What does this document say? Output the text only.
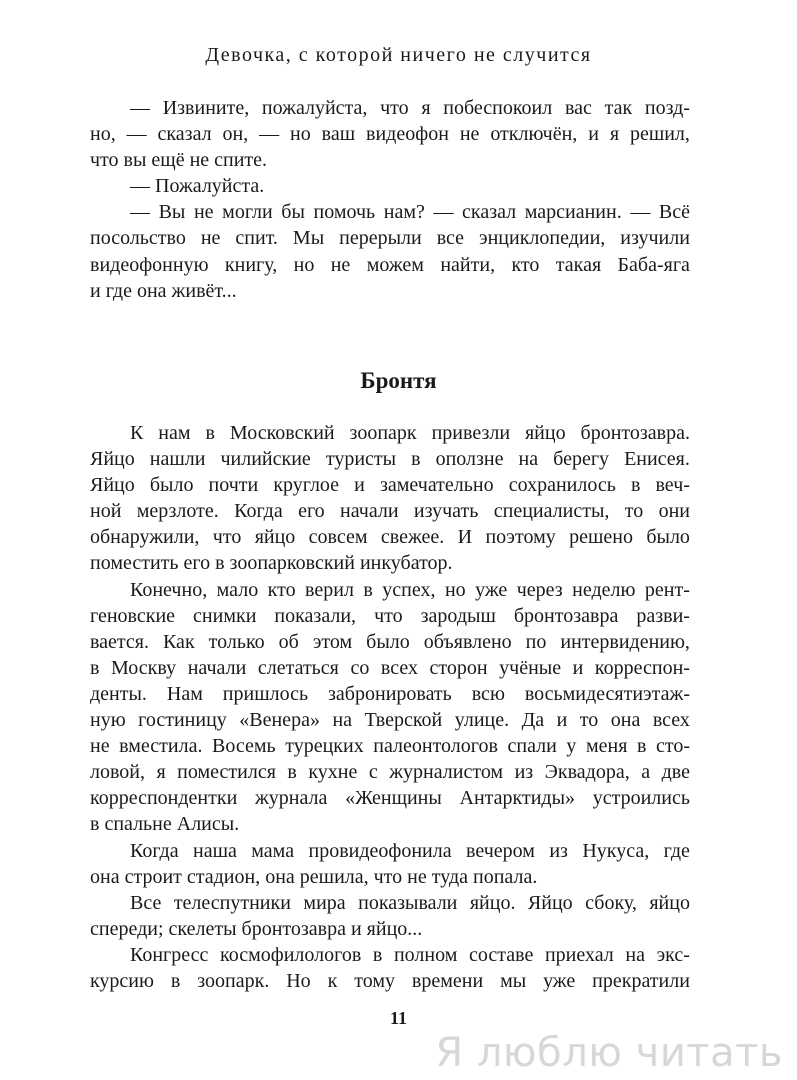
Девочка, с которой ничего не случится
— Извините, пожалуйста, что я побеспокоил вас так позд-
но, — сказал он, — но ваш видеофон не отключён, и я решил,
что вы ещё не спите.
— Пожалуйста.
— Вы не могли бы помочь нам? — сказал марсианин. — Всё
посольство не спит. Мы перерыли все энциклопедии, изучили
видеофонную книгу, но не можем найти, кто такая Баба-яга
и где она живёт...
Бронтя
К нам в Московский зоопарк привезли яйцо бронтозавра.
Яйцо нашли чилийские туристы в оползне на берегу Енисея.
Яйцо было почти круглое и замечательно сохранилось в веч-
ной мерзлоте. Когда его начали изучать специалисты, то они
обнаружили, что яйцо совсем свежее. И поэтому решено было
поместить его в зоопарковский инкубатор.
Конечно, мало кто верил в успех, но уже через неделю рент-
геновские снимки показали, что зародыш бронтозавра разви-
вается. Как только об этом было объявлено по интервидению,
в Москву начали слетаться со всех сторон учёные и корреспон-
денты. Нам пришлось забронировать всю восьмидесятиэтаж-
ную гостиницу «Венера» на Тверской улице. Да и то она всех
не вместила. Восемь турецких палеонтологов спали у меня в сто-
ловой, я поместился в кухне с журналистом из Эквадора, а две
корреспондентки журнала «Женщины Антарктиды» устроились
в спальне Алисы.
Когда наша мама провидеофонила вечером из Нукуса, где
она строит стадион, она решила, что не туда попала.
Все телеспутники мира показывали яйцо. Яйцо сбоку, яйцо
спереди; скелеты бронтозавра и яйцо...
Конгресс космофилологов в полном составе приехал на экс-
курсию в зоопарк. Но к тому времени мы уже прекратили
11
Я люблю читать
